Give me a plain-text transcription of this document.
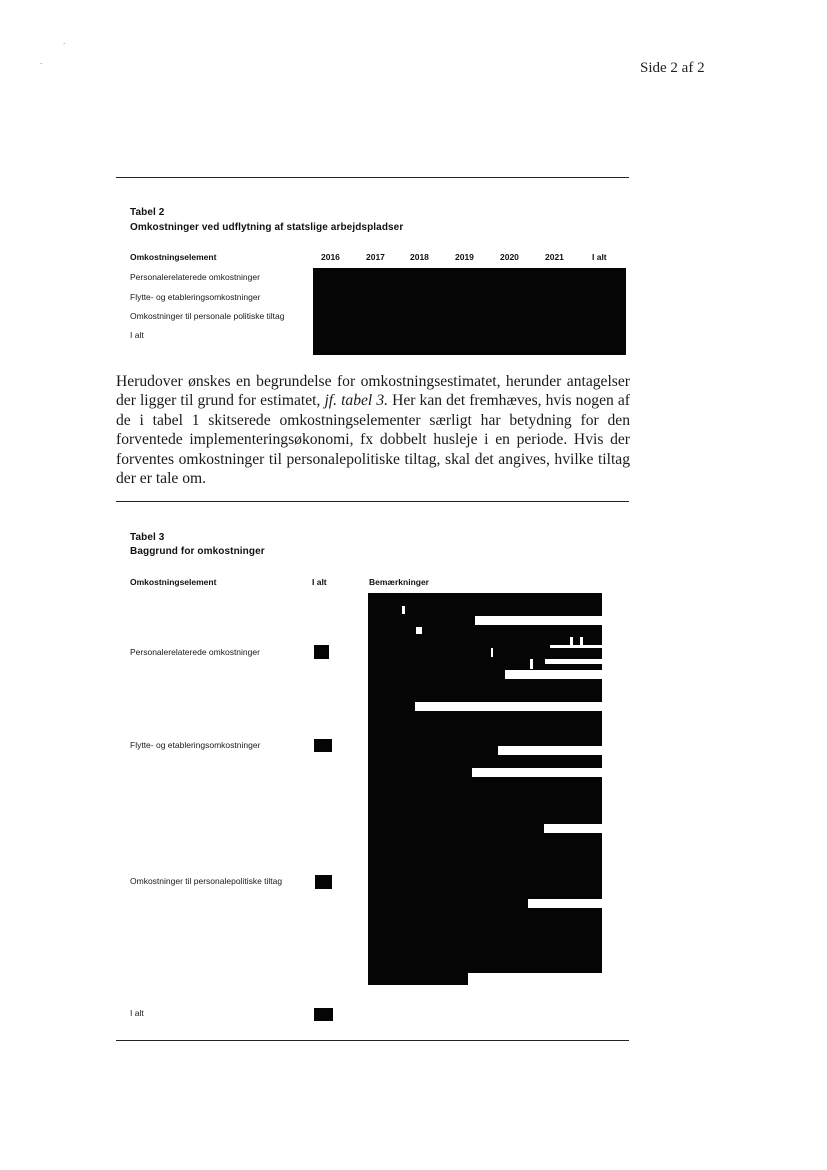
Side 2 af 2
·
·
Tabel 2
Omkostninger ved udflytning af statslige arbejdspladser
Omkostningselement	2016	2017	2018	2019	2020	2021	I alt
Personalerelaterede omkostninger
Flytte- og etableringsomkostninger
Omkostninger til personale politiske tiltag
I alt
Herudover ønskes en begrundelse for omkostningsestimatet, herunder antagelser
der ligger til grund for estimatet, jf. tabel 3. Her kan det fremhæves, hvis nogen af
de i tabel 1 skitserede omkostningselementer særligt har betydning for den
forventede implementeringsøkonomi, fx dobbelt husleje i en periode. Hvis der
forventes omkostninger til personalepolitiske tiltag, skal det angives, hvilke tiltag
der er tale om.
Tabel 3
Baggrund for omkostninger
Omkostningselement	I alt	Bemærkninger
Personalerelaterede omkostninger
Flytte- og etableringsomkostninger
Omkostninger til personalepolitiske tiltag
I alt
